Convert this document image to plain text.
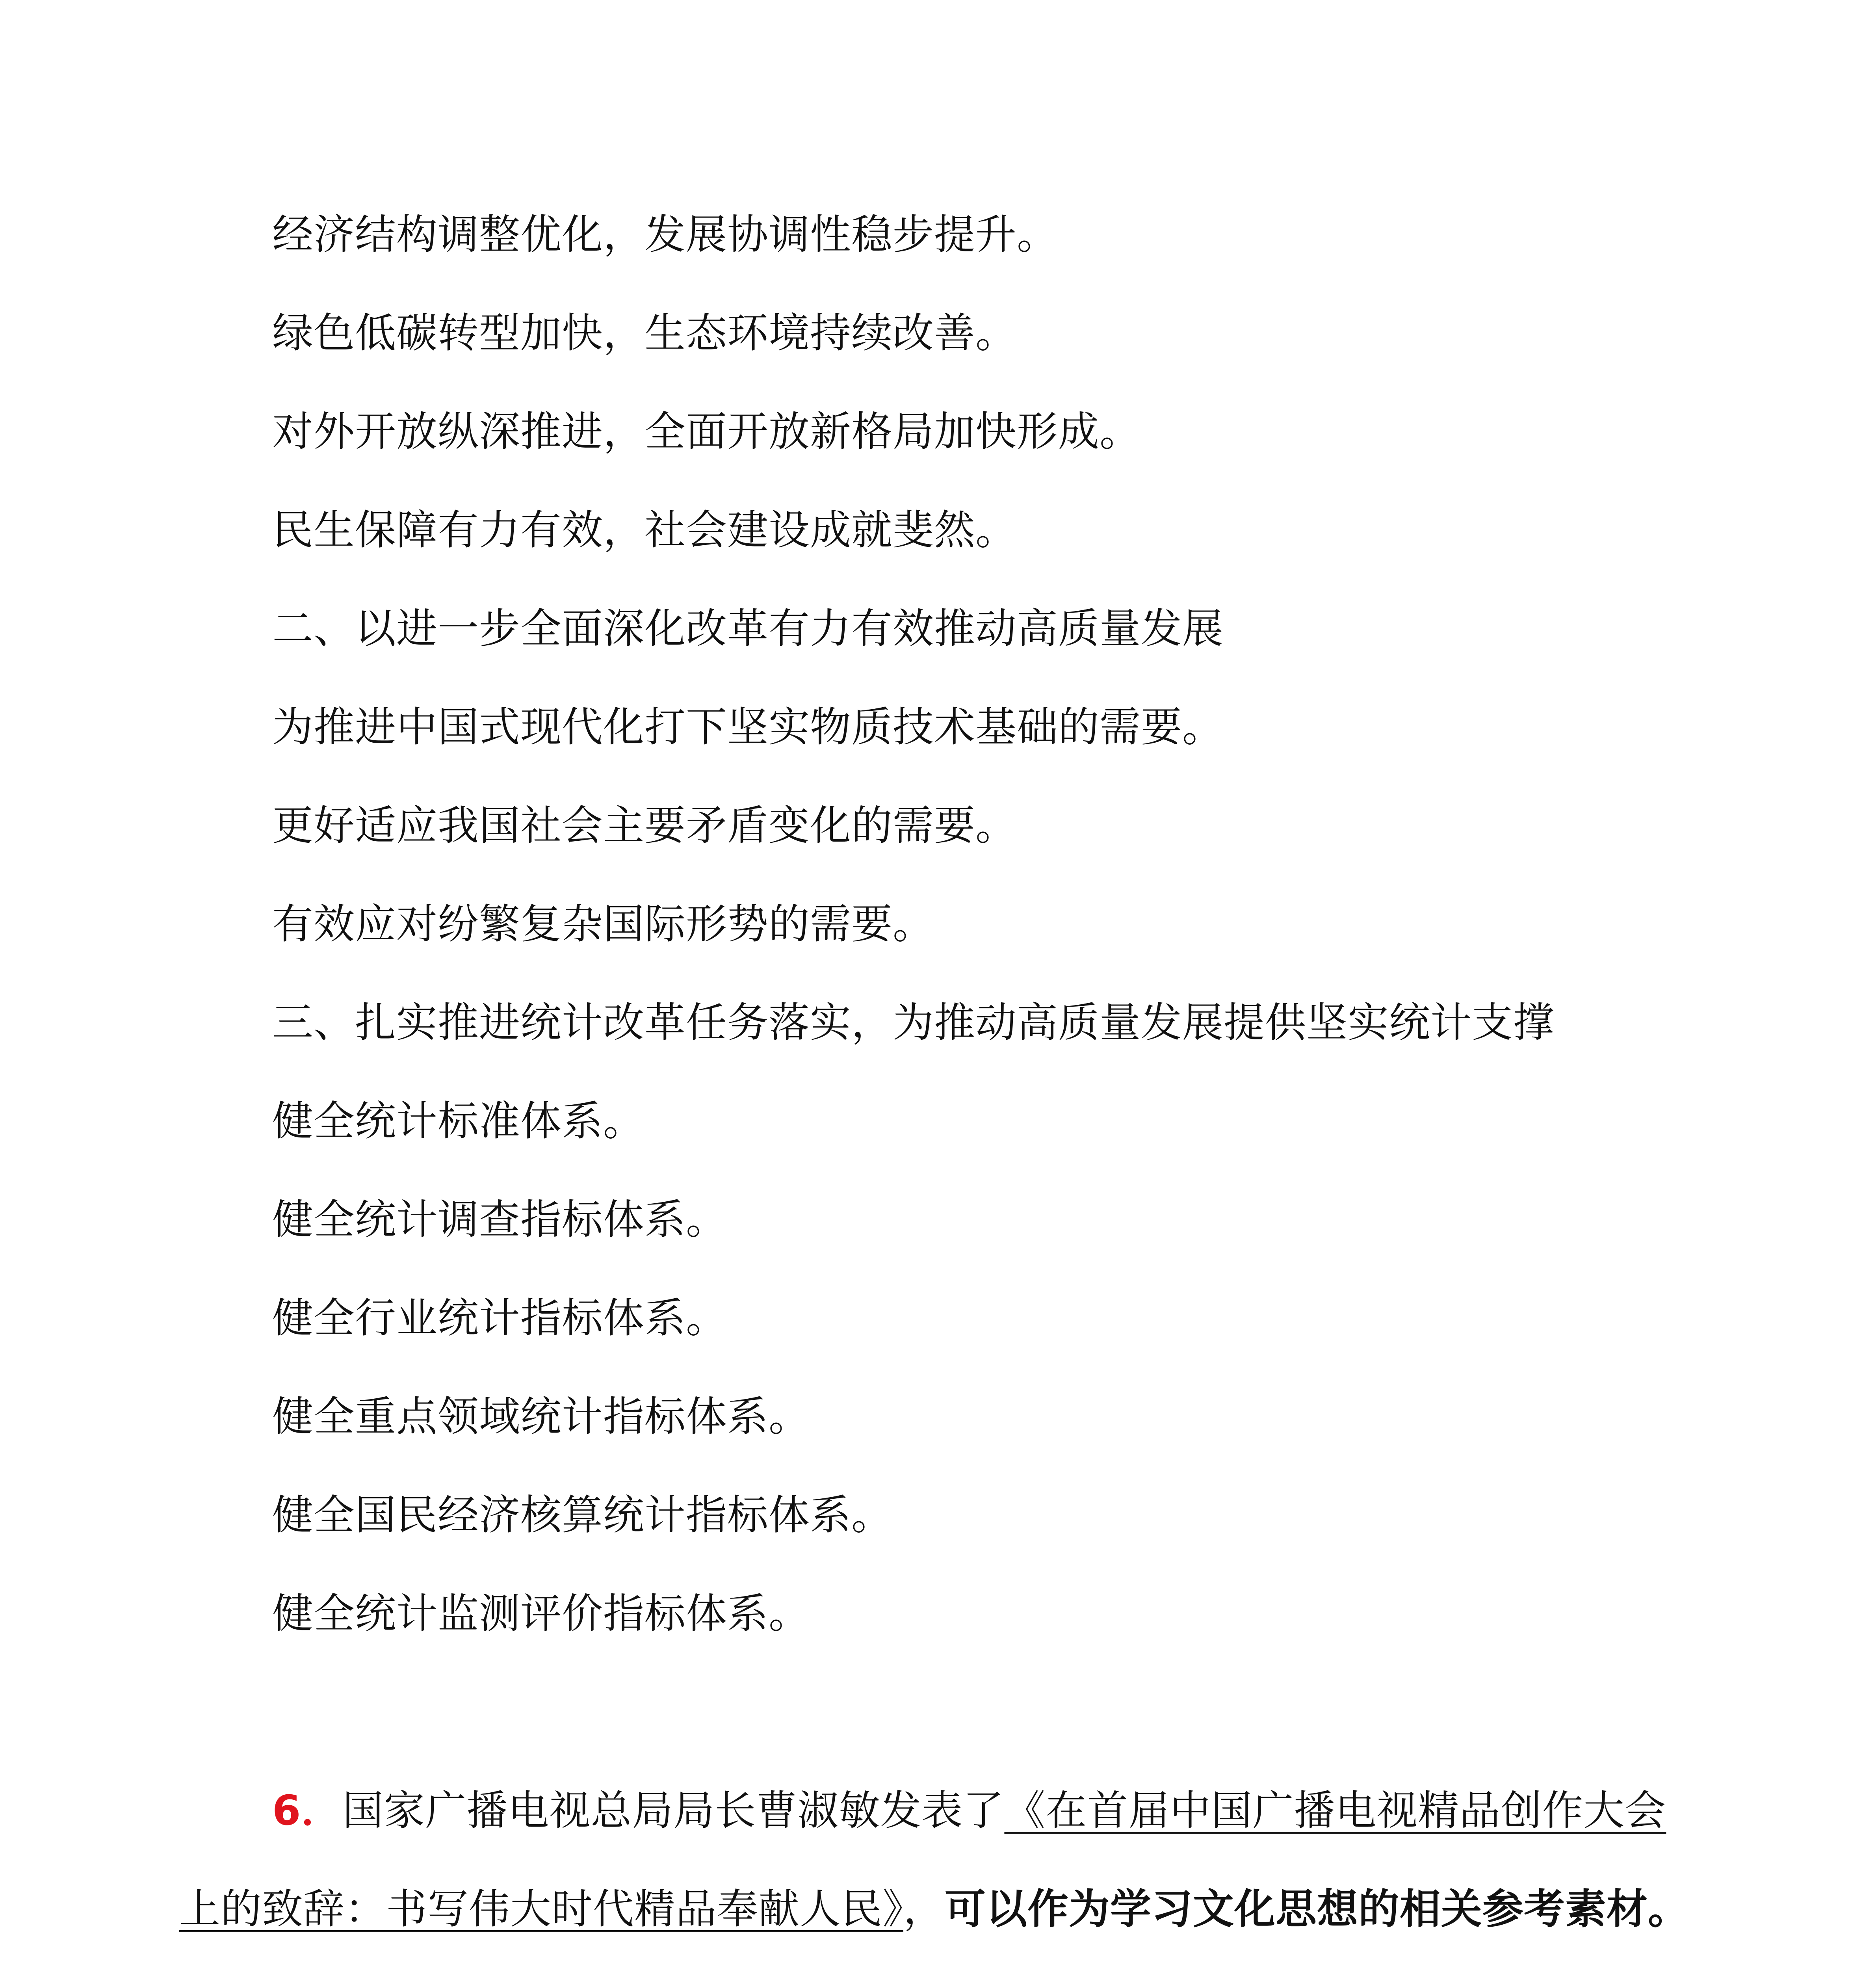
经济结构调整优化，发展协调性稳步提升。

绿色低碳转型加快，生态环境持续改善。

对外开放纵深推进，全面开放新格局加快形成。

民生保障有力有效，社会建设成就斐然。

二、以进一步全面深化改革有力有效推动高质量发展

为推进中国式现代化打下坚实物质技术基础的需要。

更好适应我国社会主要矛盾变化的需要。

有效应对纷繁复杂国际形势的需要。

三、扎实推进统计改革任务落实，为推动高质量发展提供坚实统计支撑

健全统计标准体系。

健全统计调查指标体系。

健全行业统计指标体系。

健全重点领域统计指标体系。

健全国民经济核算统计指标体系。

健全统计监测评价指标体系。

6．国家广播电视总局局长曹淑敏发表了《在首届中国广播电视精品创作大会上的致辞：书写伟大时代精品奉献人民》，可以作为学习文化思想的相关参考素材。
